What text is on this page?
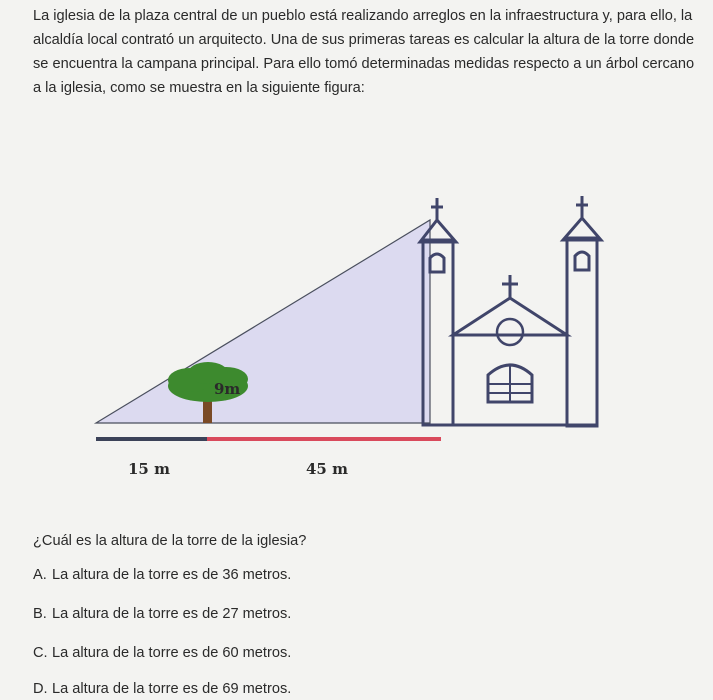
La iglesia de la plaza central de un pueblo está realizando arreglos en la infraestructura y, para ello, la alcaldía local contrató un arquitecto. Una de sus primeras tareas es calcular la altura de la torre donde se encuentra la campana principal. Para ello tomó determinadas medidas respecto a un árbol cercano a la iglesia, como se muestra en la siguiente figura:

9m
15 m	45 m

¿Cuál es la altura de la torre de la iglesia?

A. La altura de la torre es de 36 metros.

B. La altura de la torre es de 27 metros.

C. La altura de la torre es de 60 metros.

D. La altura de la torre es de 69 metros.
